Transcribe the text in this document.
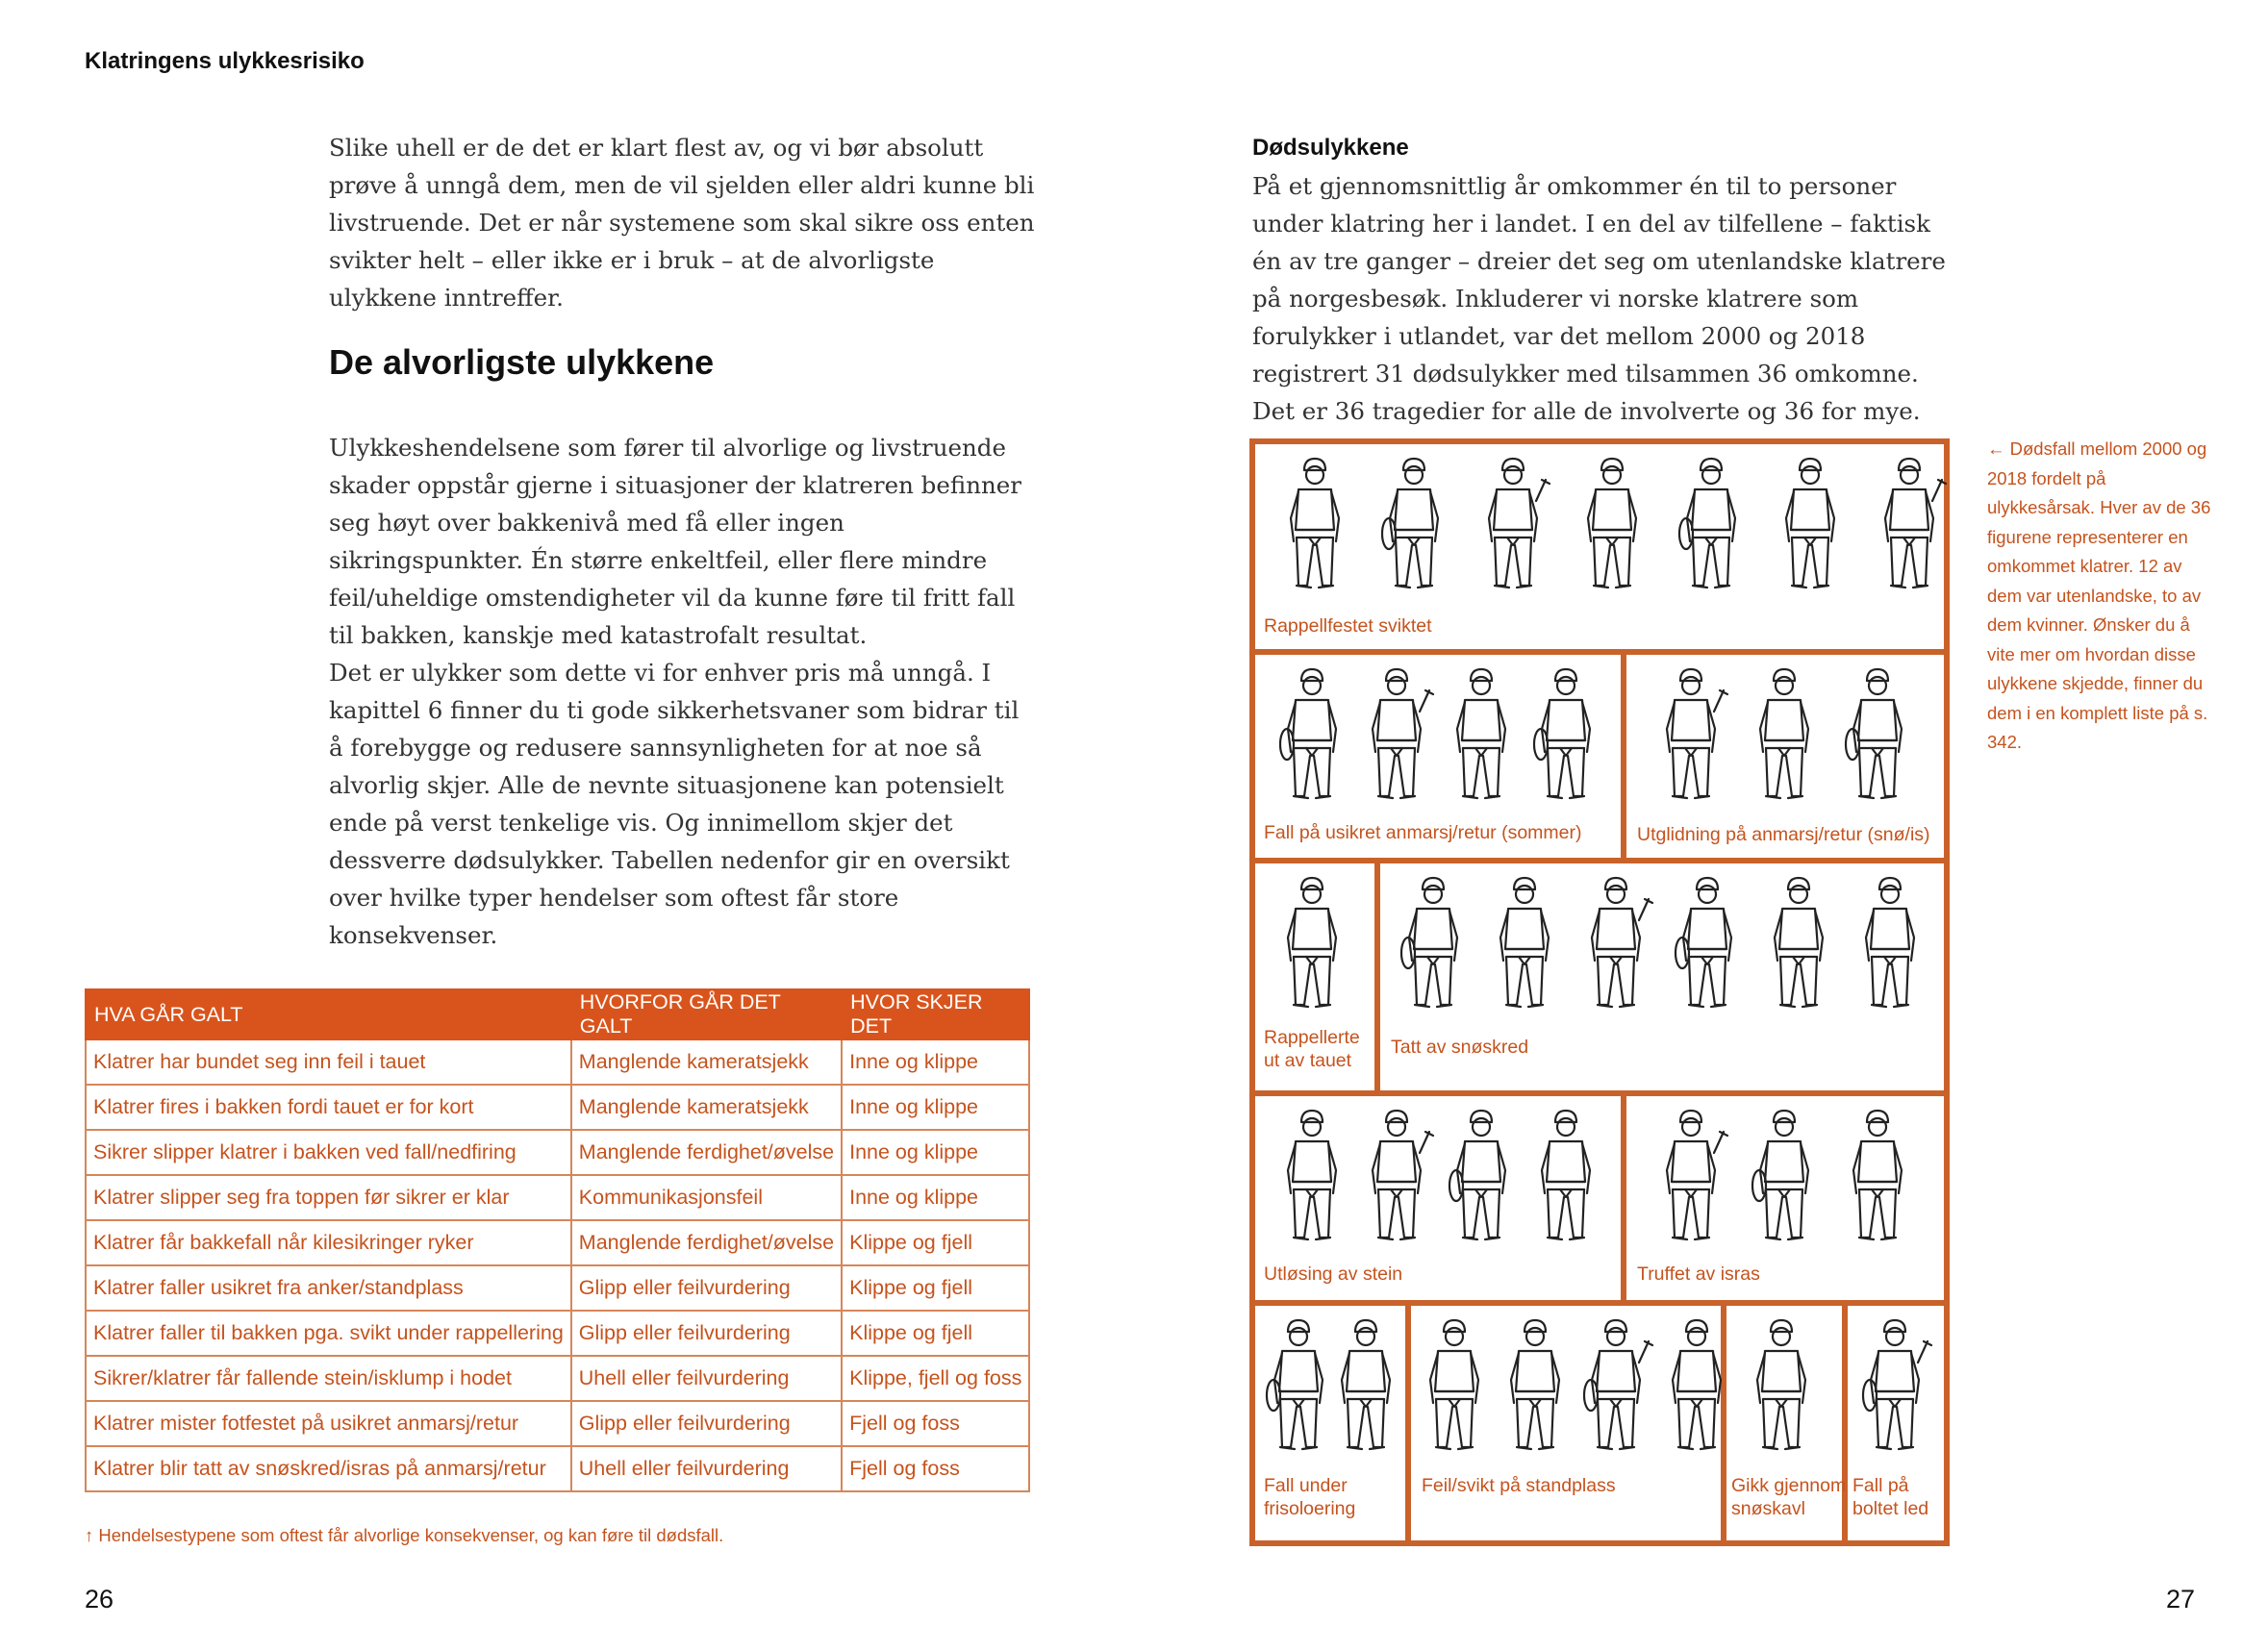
Klatringens ulykkesrisiko

Slike uhell er de det er klart flest av, og vi bør absolutt prøve å unngå dem, men de vil sjelden eller aldri kunne bli livstruende. Det er når systemene som skal sikre oss enten svikter helt – eller ikke er i bruk – at de alvorligste ulykkene inntreffer.

De alvorligste ulykkene

Ulykkeshendelsene som fører til alvorlige og livstruende skader oppstår gjerne i situasjoner der klatreren befinner seg høyt over bakkenivå med få eller ingen sikringspunkter. Én større enkeltfeil, eller flere mindre feil/uheldige omstendigheter vil da kunne føre til fritt fall til bakken, kanskje med katastrofalt resultat.

Det er ulykker som dette vi for enhver pris må unngå. I kapittel 6 finner du ti gode sikkerhetsvaner som bidrar til å forebygge og redusere sannsynligheten for at noe så alvorlig skjer. Alle de nevnte situasjonene kan potensielt ende på verst tenkelige vis. Og innimellom skjer det dessverre dødsulykker. Tabellen nedenfor gir en oversikt over hvilke typer hendelser som oftest får store konsekvenser.

HVA GÅR GALT	HVORFOR GÅR DET GALT	HVOR SKJER DET
Klatrer har bundet seg inn feil i tauet	Manglende kameratsjekk	Inne og klippe
Klatrer fires i bakken fordi tauet er for kort	Manglende kameratsjekk	Inne og klippe
Sikrer slipper klatrer i bakken ved fall/nedfiring	Manglende ferdighet/øvelse	Inne og klippe
Klatrer slipper seg fra toppen før sikrer er klar	Kommunikasjonsfeil	Inne og klippe
Klatrer får bakkefall når kilesikringer ryker	Manglende ferdighet/øvelse	Klippe og fjell
Klatrer faller usikret fra anker/standplass	Glipp eller feilvurdering	Klippe og fjell
Klatrer faller til bakken pga. svikt under rappellering	Glipp eller feilvurdering	Klippe og fjell
Sikrer/klatrer får fallende stein/isklump i hodet	Uhell eller feilvurdering	Klippe, fjell og foss
Klatrer mister fotfestet på usikret anmarsj/retur	Glipp eller feilvurdering	Fjell og foss
Klatrer blir tatt av snøskred/isras på anmarsj/retur	Uhell eller feilvurdering	Fjell og foss
↑ Hendelsestypene som oftest får alvorlige konsekvenser, og kan føre til dødsfall.
26
Dødsulykkene

På et gjennomsnittlig år omkommer én til to personer under klatring her i landet. I en del av tilfellene – faktisk én av tre ganger – dreier det seg om utenlandske klatrere på norgesbesøk. Inkluderer vi norske klatrere som forulykker i utlandet, var det mellom 2000 og 2018 registrert 31 dødsulykker med tilsammen 36 omkomne. Det er 36 tragedier for alle de involverte og 36 for mye.

Rappellfestet sviktet
Fall på usikret anmarsj/retur (sommer)	Utglidning på anmarsj/retur (snø/is)
Rappellerte
ut av tauet
Tatt av snøskred
Utløsing av stein	Truffet av isras
Fall under
frisoloering
Feil/svikt på standplass	Gikk gjennom
snøskavl
Fall på
boltet led
← Dødsfall mellom 2000 og 2018 fordelt på ulykkesårsak. Hver av de 36 figurene representerer en omkommet klatrer. 12 av dem var utenlandske, to av dem kvinner. Ønsker du å vite mer om hvordan disse ulykkene skjedde, finner du dem i en komplett liste på s. 342.
27
